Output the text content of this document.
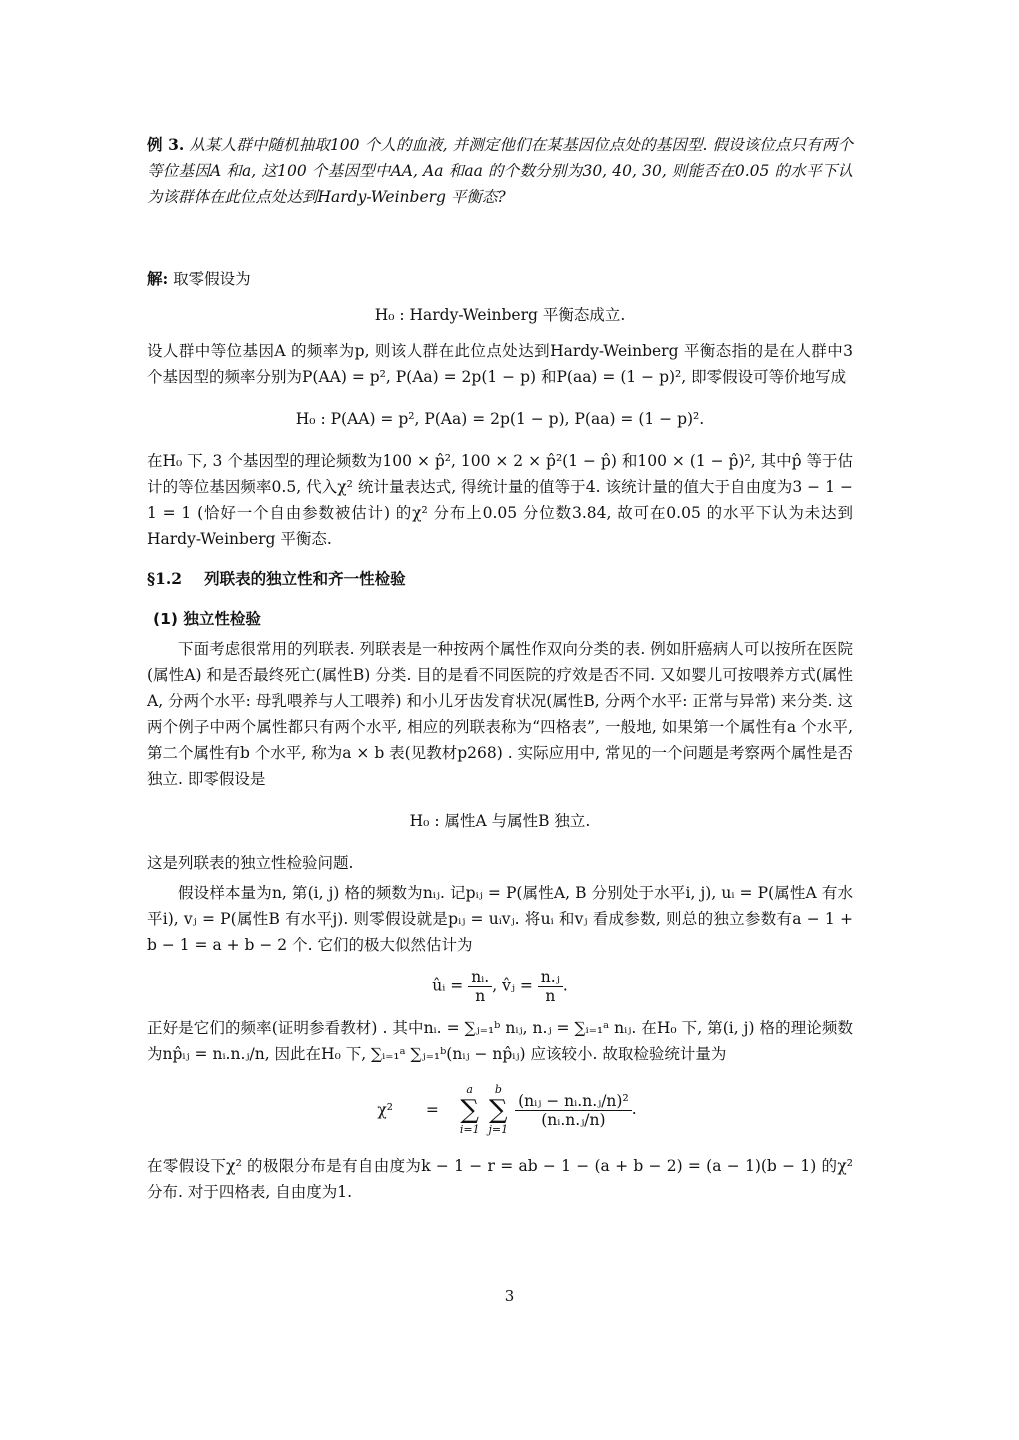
例 3. 从某人群中随机抽取100 个人的血液, 并测定他们在某基因位点处的基因型. 假设该位点只有两个等位基因A 和a, 这100 个基因型中AA, Aa 和aa 的个数分别为30, 40, 30, 则能否在0.05 的水平下认为该群体在此位点处达到Hardy-Weinberg 平衡态?

解: 取零假设为

H₀ : Hardy-Weinberg 平衡态成立.

设人群中等位基因A 的频率为p, 则该人群在此位点处达到Hardy-Weinberg 平衡态指的是在人群中3 个基因型的频率分别为P(AA) = p², P(Aa) = 2p(1 − p) 和P(aa) = (1 − p)², 即零假设可等价地写成

H₀ : P(AA) = p², P(Aa) = 2p(1 − p), P(aa) = (1 − p)².

在H₀ 下, 3 个基因型的理论频数为100 × p̂², 100 × 2 × p̂²(1 − p̂) 和100 × (1 − p̂)², 其中p̂ 等于估计的等位基因频率0.5, 代入χ² 统计量表达式, 得统计量的值等于4. 该统计量的值大于自由度为3 − 1 − 1 = 1 (恰好一个自由参数被估计) 的χ² 分布上0.05 分位数3.84, 故可在0.05 的水平下认为未达到Hardy-Weinberg 平衡态.

§1.2 列联表的独立性和齐一性检验
(1) 独立性检验

下面考虑很常用的列联表. 列联表是一种按两个属性作双向分类的表. 例如肝癌病人可以按所在医院(属性A) 和是否最终死亡(属性B) 分类. 目的是看不同医院的疗效是否不同. 又如婴儿可按喂养方式(属性A, 分两个水平: 母乳喂养与人工喂养) 和小儿牙齿发育状况(属性B, 分两个水平: 正常与异常) 来分类. 这两个例子中两个属性都只有两个水平, 相应的列联表称为“四格表”, 一般地, 如果第一个属性有a 个水平, 第二个属性有b 个水平, 称为a × b 表(见教材p268) . 实际应用中, 常见的一个问题是考察两个属性是否独立. 即零假设是

H₀ : 属性A 与属性B 独立.

这是列联表的独立性检验问题.

假设样本量为n, 第(i, j) 格的频数为nᵢⱼ. 记pᵢⱼ = P(属性A, B 分别处于水平i, j), uᵢ = P(属性A 有水平i), vⱼ = P(属性B 有水平j). 则零假设就是pᵢⱼ = uᵢvⱼ. 将uᵢ 和vⱼ 看成参数, 则总的独立参数有a − 1 + b − 1 = a + b − 2 个. 它们的极大似然估计为

ûᵢ = $\frac{\text{nᵢ.}}{n}$ , v̂ⱼ = $\frac{\text{n.ⱼ}}{n}$ .

正好是它们的频率(证明参看教材) . 其中nᵢ. = ∑ⱼ₌₁ᵇ nᵢⱼ, n.ⱼ = ∑ᵢ₌₁ᵃ nᵢⱼ. 在H₀ 下, 第(i, j) 格的理论频数为np̂ᵢⱼ = nᵢ.n.ⱼ/n, 因此在H₀ 下, ∑ᵢ₌₁ᵃ ∑ⱼ₌₁ᵇ(nᵢⱼ − np̂ᵢⱼ) 应该较小. 故取检验统计量为

χ² =
a
∑
i=1

b
∑
j=1

$\frac{\text{(nᵢⱼ − nᵢ.n.ⱼ/n)²}}{\text{(nᵢ.n.ⱼ/n)}}$ .

在零假设下χ² 的极限分布是有自由度为k − 1 − r = ab − 1 − (a + b − 2) = (a − 1)(b − 1) 的χ² 分布. 对于四格表, 自由度为1.

3
